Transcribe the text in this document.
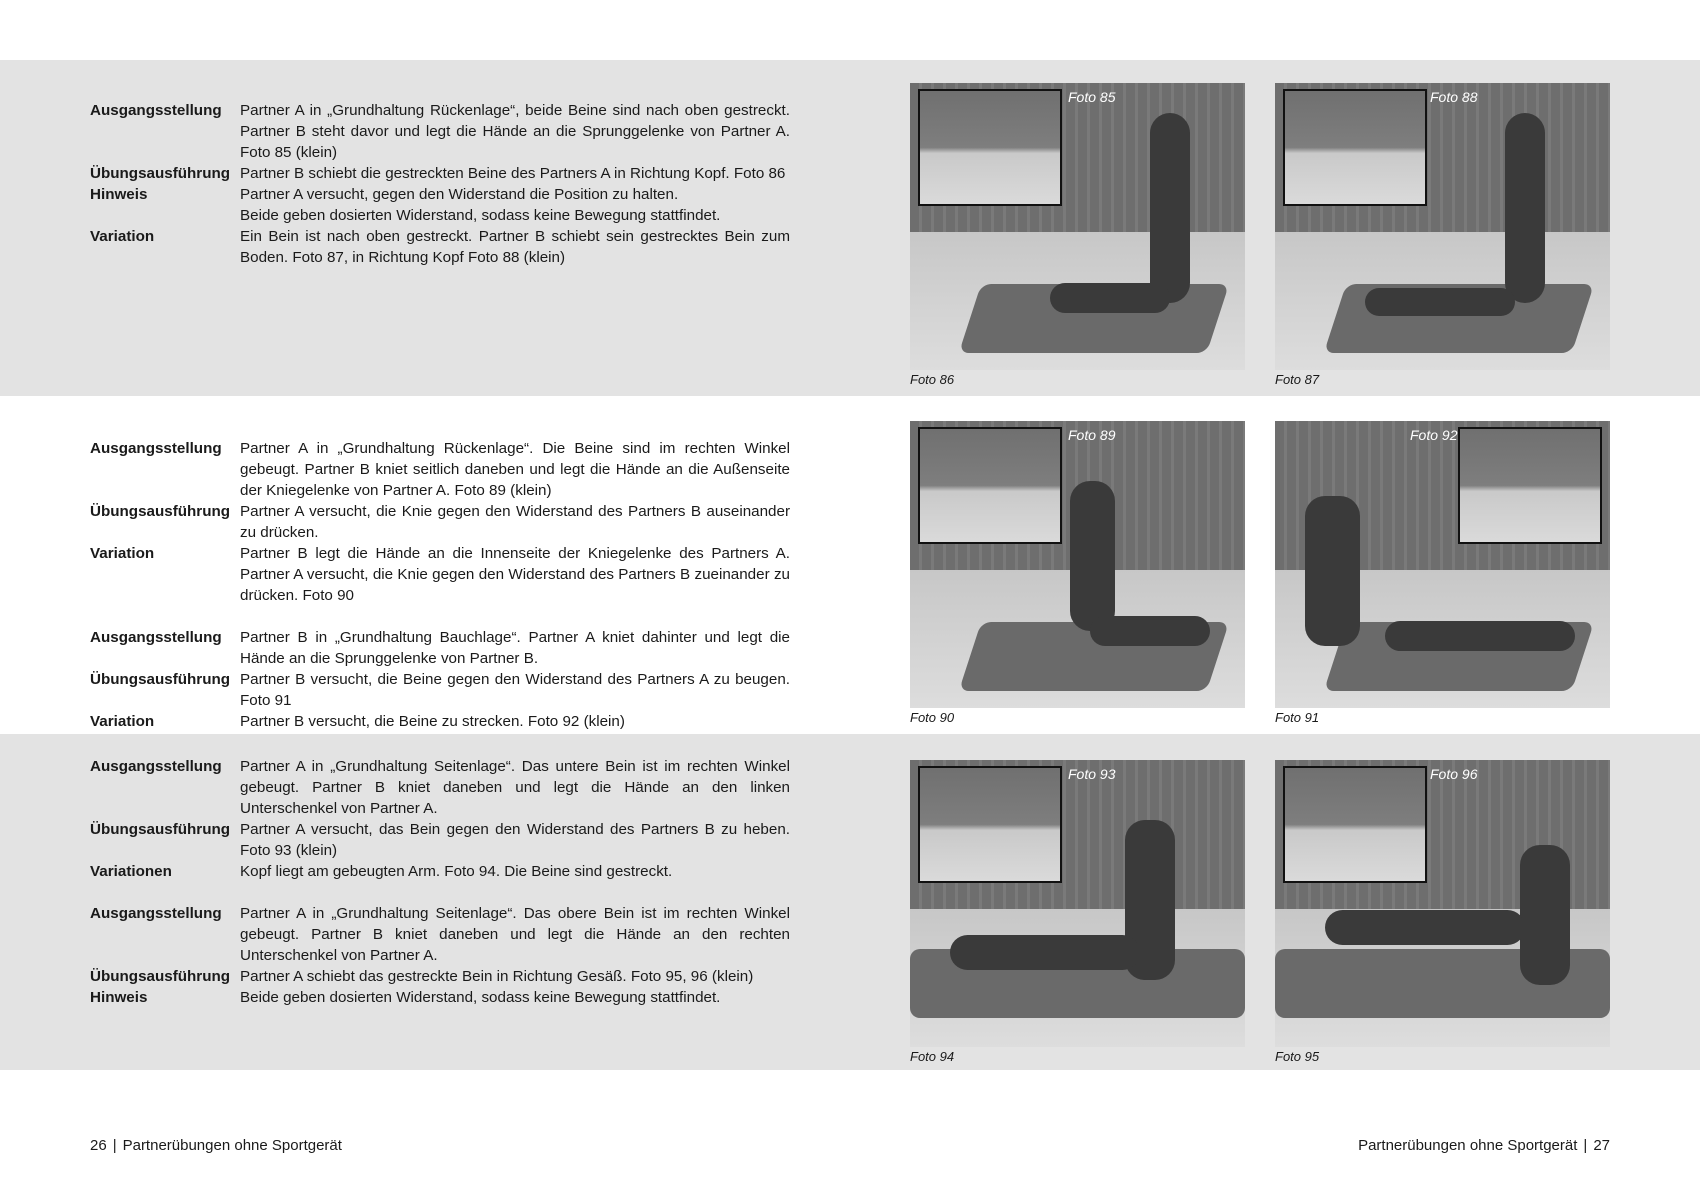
Ausgangsstellung	Partner A in „Grundhaltung Rückenlage“, beide Beine sind nach oben gestreckt. Partner B steht davor und legt die Hände an die Sprunggelenke von Partner A. Foto 85 (klein)
Übungsausführung Partner B schiebt die gestreckten Beine des Partners A in Richtung Kopf. Foto 86
Hinweis	Partner A versucht, gegen den Widerstand die Position zu halten.
Beide geben dosierten Widerstand, sodass keine Bewegung stattfindet.
Variation	Ein Bein ist nach oben gestreckt. Partner B schiebt sein gestrecktes Bein zum Boden. Foto 87, in Richtung Kopf Foto 88 (klein)
Foto 85
Foto 86
Foto 88
Foto 87
Ausgangsstellung	Partner A in „Grundhaltung Rückenlage“. Die Beine sind im rechten Winkel gebeugt. Partner B kniet seitlich daneben und legt die Hände an die Außenseite der Kniegelenke von Partner A. Foto 89 (klein)
Übungsausführung Partner A versucht, die Knie gegen den Widerstand des Partners B auseinander zu drücken.
Variation	Partner B legt die Hände an die Innenseite der Kniegelenke des Partners A. Partner A versucht, die Knie gegen den Widerstand des Partners B zueinander zu drücken. Foto 90
Ausgangsstellung	Partner B in „Grundhaltung Bauchlage“. Partner A kniet dahinter und legt die Hände an die Sprunggelenke von Partner B.
Übungsausführung Partner B versucht, die Beine gegen den Widerstand des Partners A zu beugen. Foto 91
Variation	Partner B versucht, die Beine zu strecken. Foto 92 (klein)
Foto 89
Foto 90
Foto 92
Foto 91
Ausgangsstellung	Partner A in „Grundhaltung Seitenlage“. Das untere Bein ist im rechten Winkel gebeugt. Partner B kniet daneben und legt die Hände an den linken Unterschenkel von Partner A.
Übungsausführung Partner A versucht, das Bein gegen den Widerstand des Partners B zu heben. Foto 93 (klein)
Variationen	Kopf liegt am gebeugten Arm. Foto 94. Die Beine sind gestreckt.
Ausgangsstellung	Partner A in „Grundhaltung Seitenlage“. Das obere Bein ist im rechten Winkel gebeugt. Partner B kniet daneben und legt die Hände an den rechten Unterschenkel von Partner A.
Übungsausführung Partner A schiebt das gestreckte Bein in Richtung Gesäß. Foto 95, 96 (klein)
Hinweis	Beide geben dosierten Widerstand, sodass keine Bewegung stattfindet.
Foto 93
Foto 94
Foto 96
Foto 95
26 | Partnerübungen ohne Sportgerät	Partnerübungen ohne Sportgerät | 27
